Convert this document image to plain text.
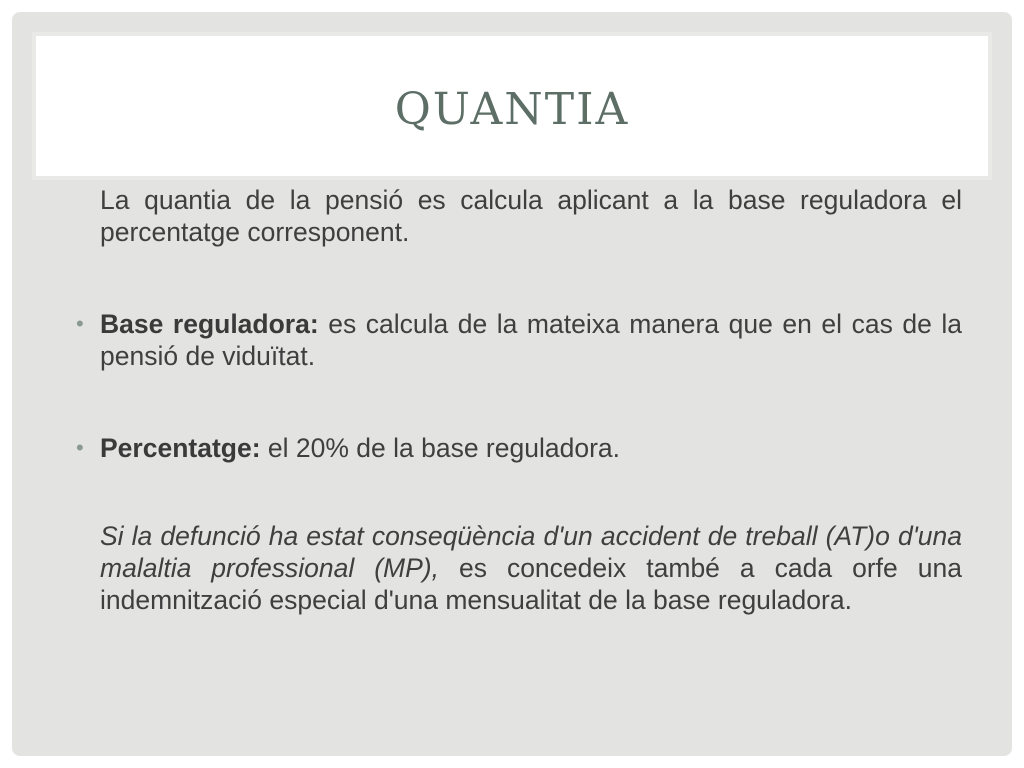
QUANTIA

La quantia de la pensió es calcula aplicant a la base reguladora el percentatge corresponent.

• Base reguladora: es calcula de la mateixa manera que en el cas de la pensió de viduïtat.

• Percentatge: el 20% de la base reguladora.

Si la defunció ha estat conseqüència d'un accident de treball (AT)o d'una malaltia professional (MP), es concedeix també a cada orfe una indemnització especial d'una mensualitat de la base reguladora.
